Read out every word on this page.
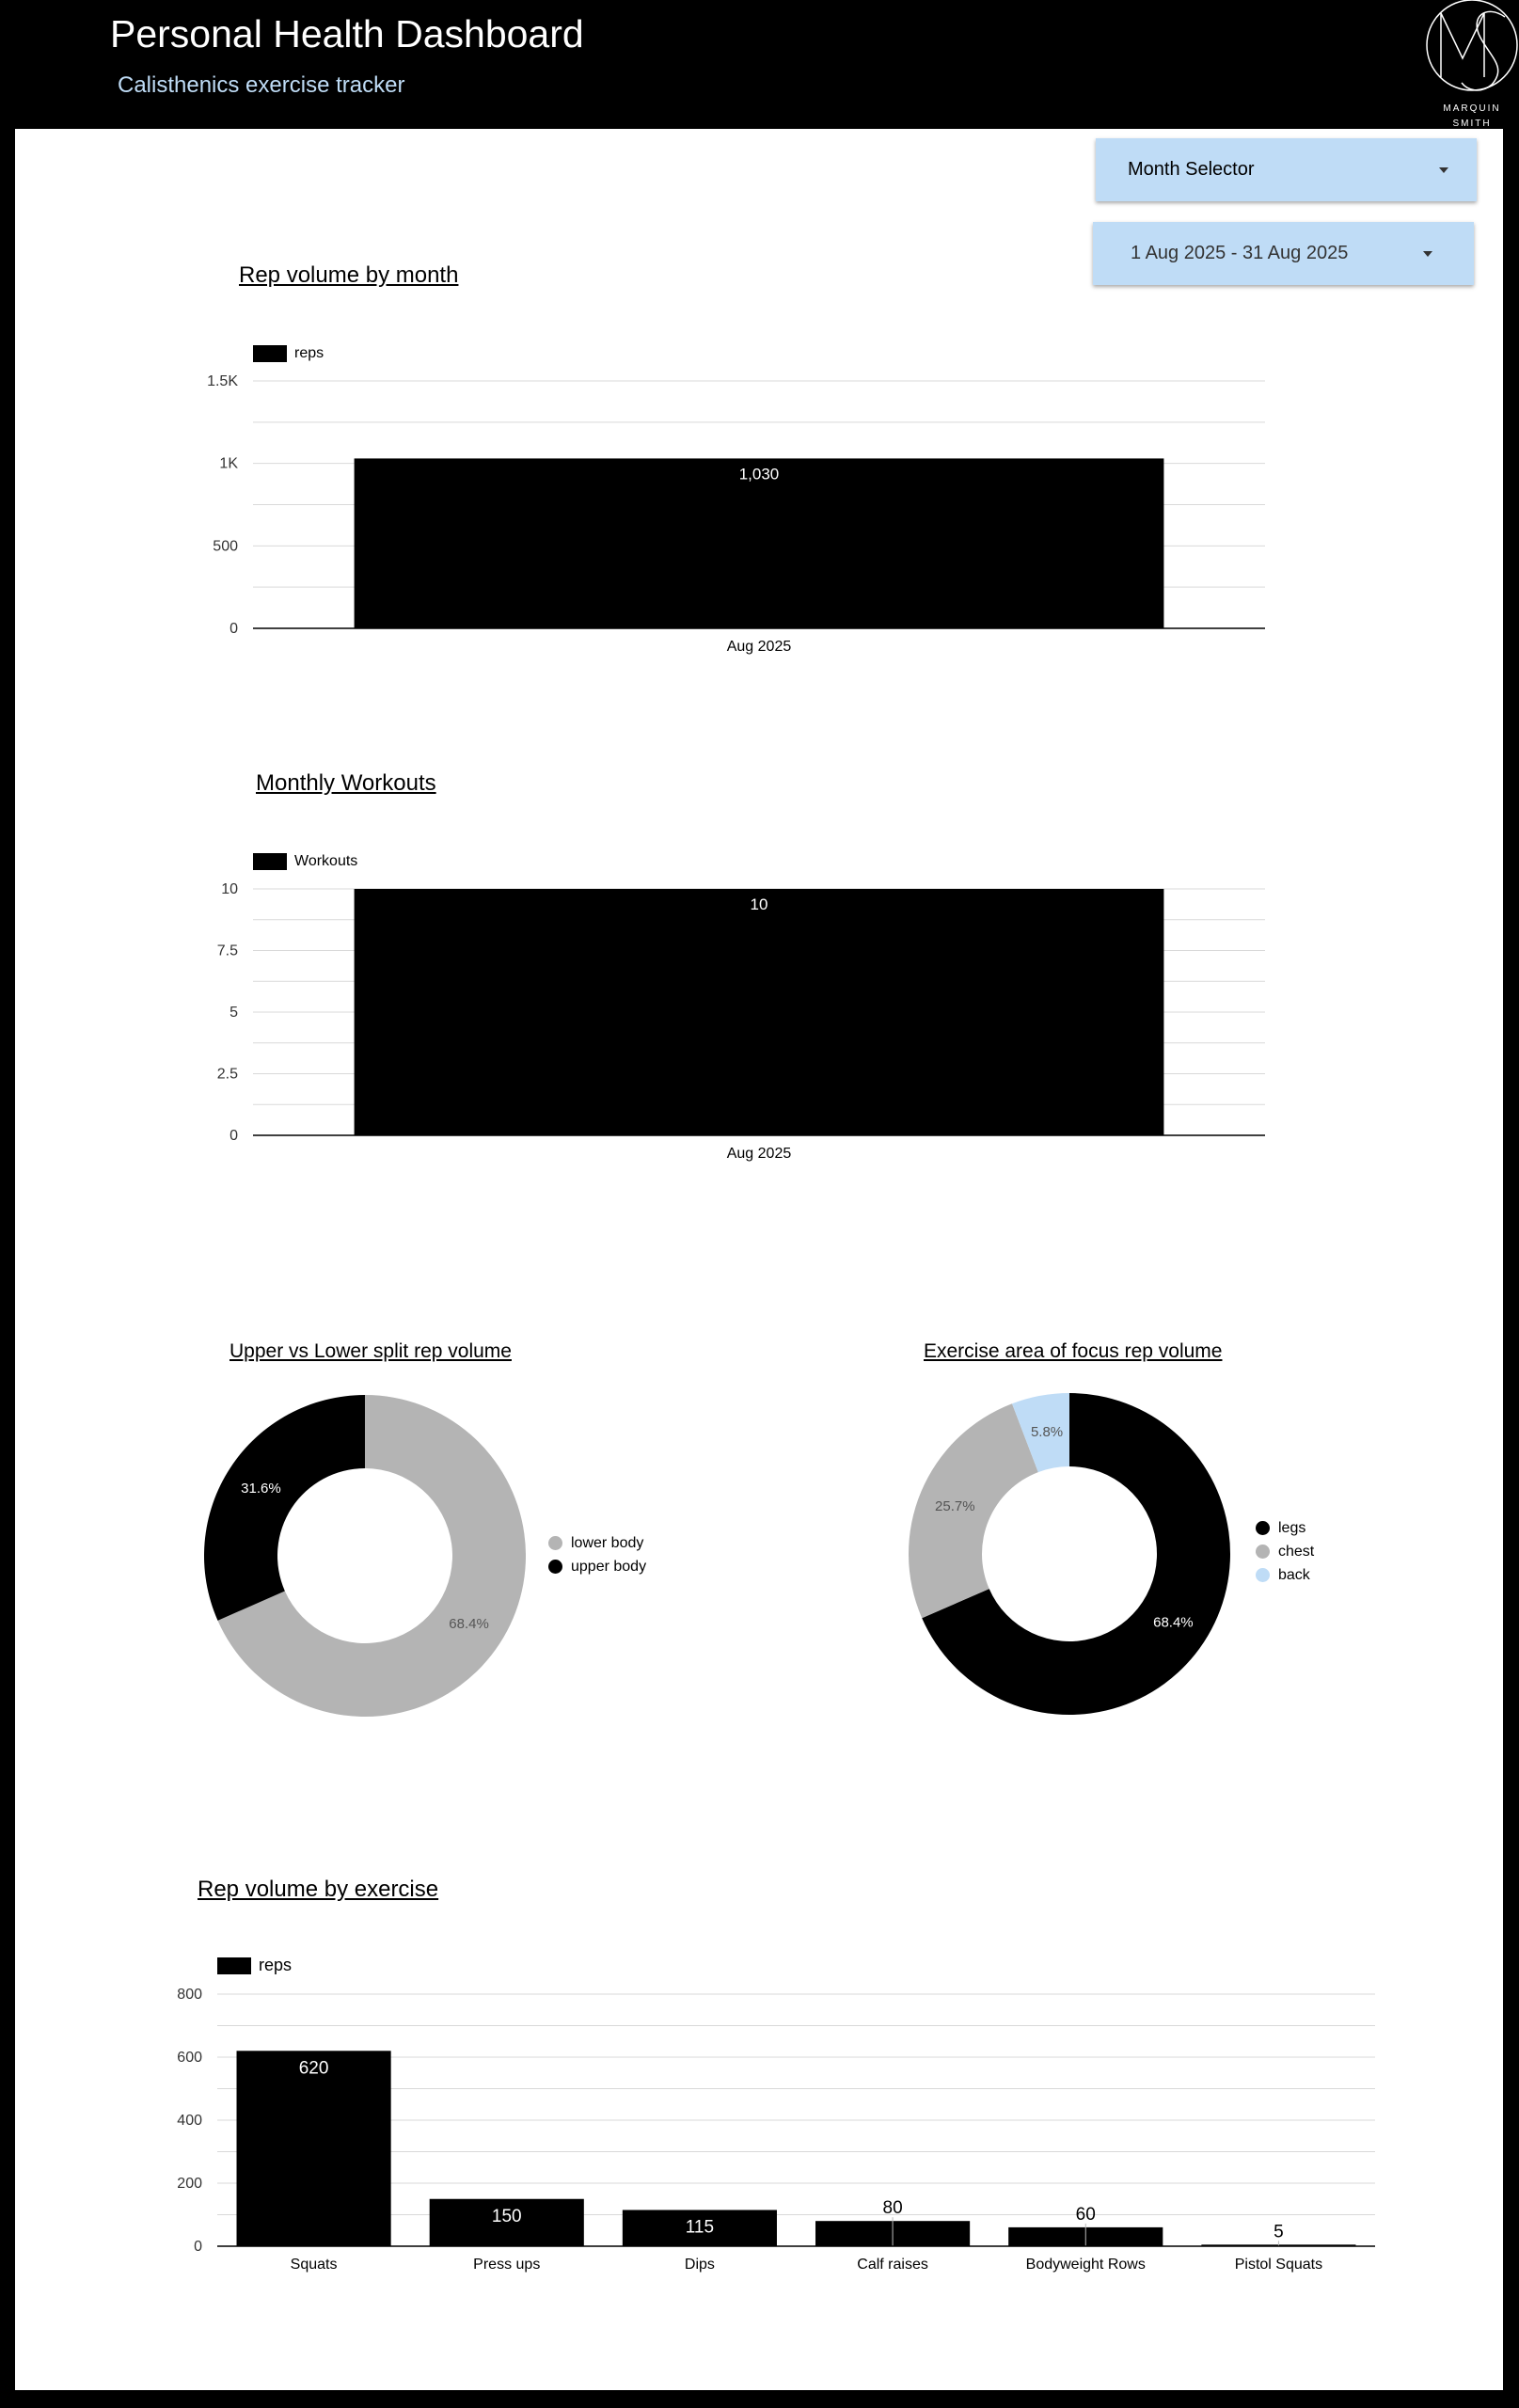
Personal Health Dashboard
Calisthenics exercise tracker
MARQUIN
SMITH
Month Selector
1 Aug 2025 - 31 Aug 2025
Rep volume by month
reps
0
500
1K
1.5K
1,030
Aug 2025
Monthly Workouts
Workouts
0
2.5
5
7.5
10
10
Aug 2025
Upper vs Lower split rep volume
68.4%
31.6%
lower body
upper body
Exercise area of focus rep volume
68.4%
25.7%
5.8%
legs
chest
back
Rep volume by exercise
reps
0
200
400
600
800
620
Squats
150
Press ups
115
Dips
80
Calf raises
60
Bodyweight Rows
5
Pistol Squats
